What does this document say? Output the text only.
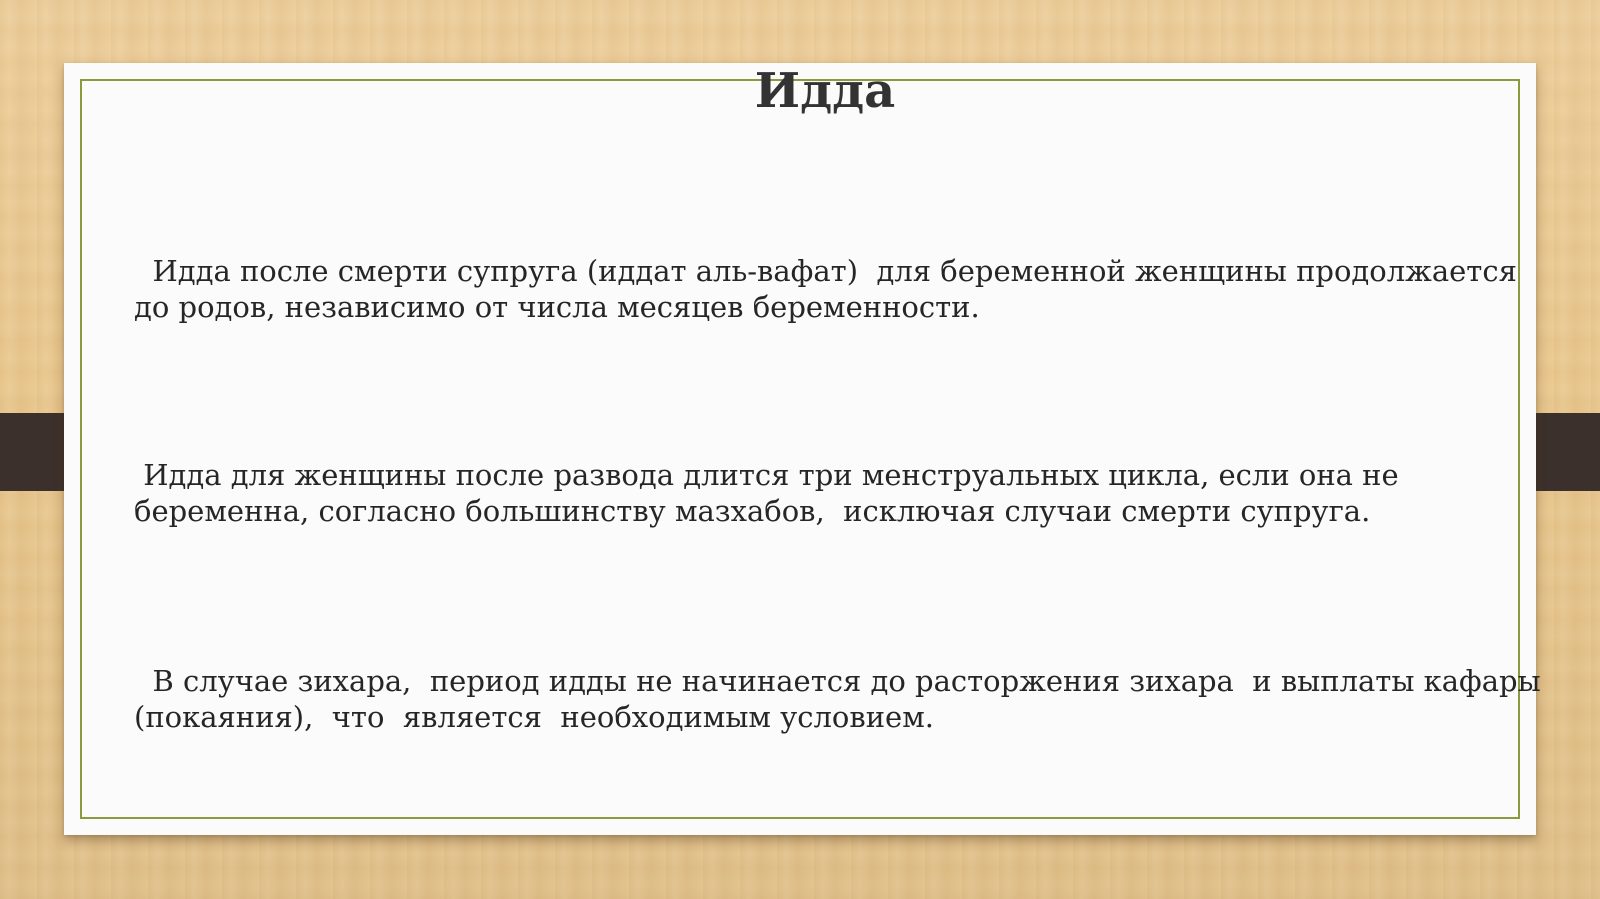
Идда

Идда после смерти супруга (иддат аль-вафат)  для беременной женщины продолжается
до родов, независимо от числа месяцев беременности.

Идда для женщины после развода длится три менструальных цикла, если она не
беременна, согласно большинству мазхабов,  исключая случаи смерти супруга.

В случае зихара,  период идды не начинается до расторжения зихара  и выплаты кафары
(покаяния),  что  является  необходимым условием.
